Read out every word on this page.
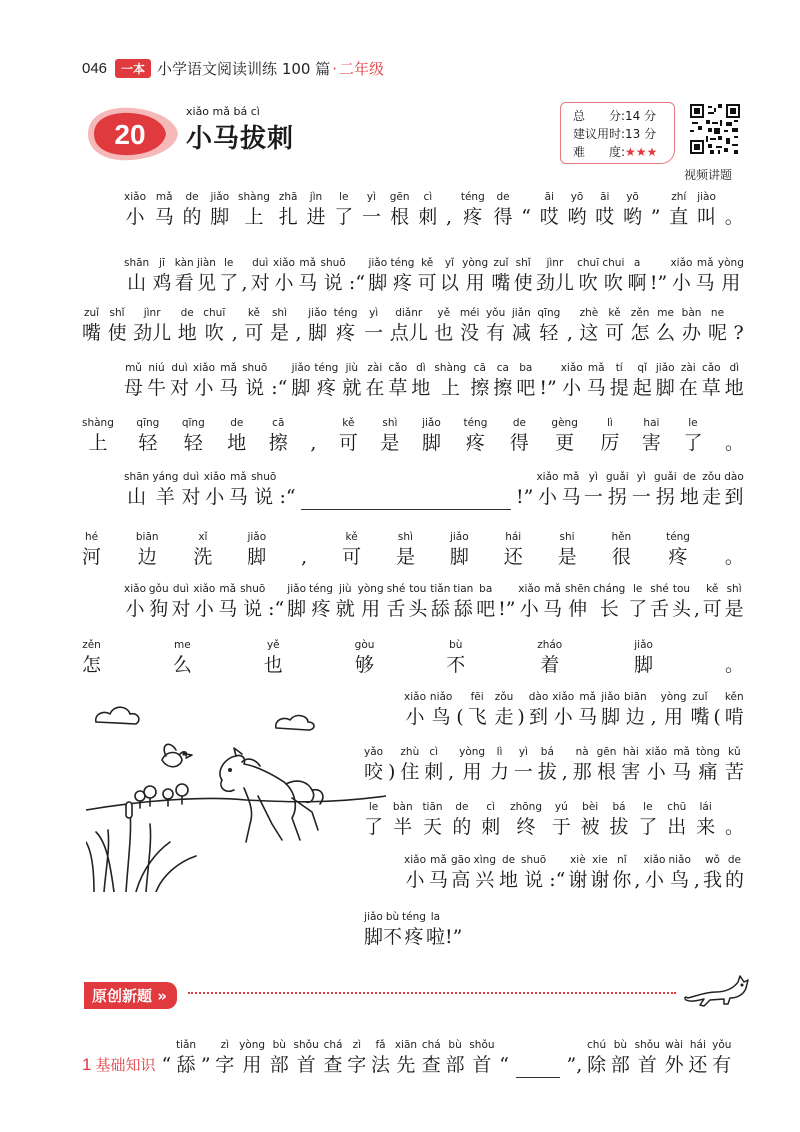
046	一本 小学语文阅读训练 100 篇 · 二年级
20
xiǎo mǎ bá cì
小马拔刺
总　　分: 14 分
建议用时: 13 分
难　　度: ★★★
视频讲题
xiǎo
小
mǎ
马
de
的
jiǎo
脚
shàng
上
zhā
扎
jìn
进
le
了
yì
一
gēn
根
cì
刺 ,
téng
疼
de
得 “
āi
哎
yō
哟
āi
哎
yō
哟 ”
zhí
直
jiào
叫 。
shān
山
jī
鸡
kàn
看
jiàn
见
le
了 ,
duì
对
xiǎo
小
mǎ
马
shuō
说 :“
jiǎo
脚
téng
疼
kě
可
yǐ
以
yòng
用
zuǐ
嘴
shǐ
使
jìnr
劲儿
chuī
吹
chui
吹
a
啊 !”
xiǎo
小
mǎ
马
yòng
用
zuǐ
嘴
shǐ
使
jìnr
劲儿
de
地
chuī
吹 ,
kě
可
shì
是 ,
jiǎo
脚
téng
疼
yì
一
diǎnr
点儿
yě
也
méi
没
yǒu
有
jiǎn
减
qīng
轻 ,
zhè
这
kě
可
zěn
怎
me
么
bàn
办
ne
呢 ?
mǔ
母
niú
牛
duì
对
xiǎo
小
mǎ
马
shuō
说 :“
jiǎo
脚
téng
疼
jiù
就
zài
在
cǎo
草
dì
地
shàng
上
cā
擦
ca
擦
ba
吧 !”
xiǎo
小
mǎ
马
tí
提
qǐ
起
jiǎo
脚
zài
在
cǎo
草
dì
地
shàng
上
qīng
轻
qīng
轻
de
地
cā
擦 ,
kě
可
shì
是
jiǎo
脚
téng
疼
de
得
gèng
更
lì
厉
hai
害
le
了 。
shān
山
yáng
羊
duì
对
xiǎo
小
mǎ
马
shuō
说 :“	!”
xiǎo
小
mǎ
马
yì
一
guǎi
拐
yì
一
guǎi
拐
de
地
zǒu
走
dào
到
hé
河
biān
边
xǐ
洗
jiǎo
脚 ,
kě
可
shì
是
jiǎo
脚
hái
还
shi
是
hěn
很
téng
疼 。
xiǎo
小
gǒu
狗
duì
对
xiǎo
小
mǎ
马
shuō
说 :“
jiǎo
脚
téng
疼
jiù
就
yòng
用
shé
舌
tou
头
tiǎn
舔
tian
舔
ba
吧 !”
xiǎo
小
mǎ
马
shēn
伸
cháng
长
le
了
shé
舌
tou
头 ,
kě
可
shì
是
zěn
怎
me
么
yě
也
gòu
够
bù
不
zháo
着
jiǎo
脚	。
xiǎo
小
niǎo
鸟 (
fēi
飞
zǒu
走 )
dào
到
xiǎo
小
mǎ
马
jiǎo
脚
biān
边 ,
yòng
用
zuǐ
嘴 (
kěn
啃
yǎo
咬 )
zhù
住
cì
刺 ,
yòng
用
lì
力
yì
一
bá
拔 ,
nà
那
gēn
根
hài
害
xiǎo
小
mǎ
马
tòng
痛
kǔ
苦
le
了
bàn
半
tiān
天
de
的
cì
刺
zhōng
终
yú
于
bèi
被
bá
拔
le
了
chū
出
lái
来 。
xiǎo
小
mǎ
马
gāo
高
xìng
兴
de
地
shuō
说 :“
xiè
谢
xie
谢
nǐ
你 ,
xiǎo
小
niǎo
鸟 ,
wǒ
我
de
的
jiǎo
脚
bù
不
téng
疼
la
啦 !”
原创新题 »
1 基础知识 “
tiǎn
舔 ”
zì
字
yòng
用
bù
部
shǒu
首
chá
查
zì
字
fǎ
法
xiān
先
chá
查
bù
部
shǒu
首 “	”,
chú
除
bù
部
shǒu
首
wài
外
hái
还
yǒu
有
